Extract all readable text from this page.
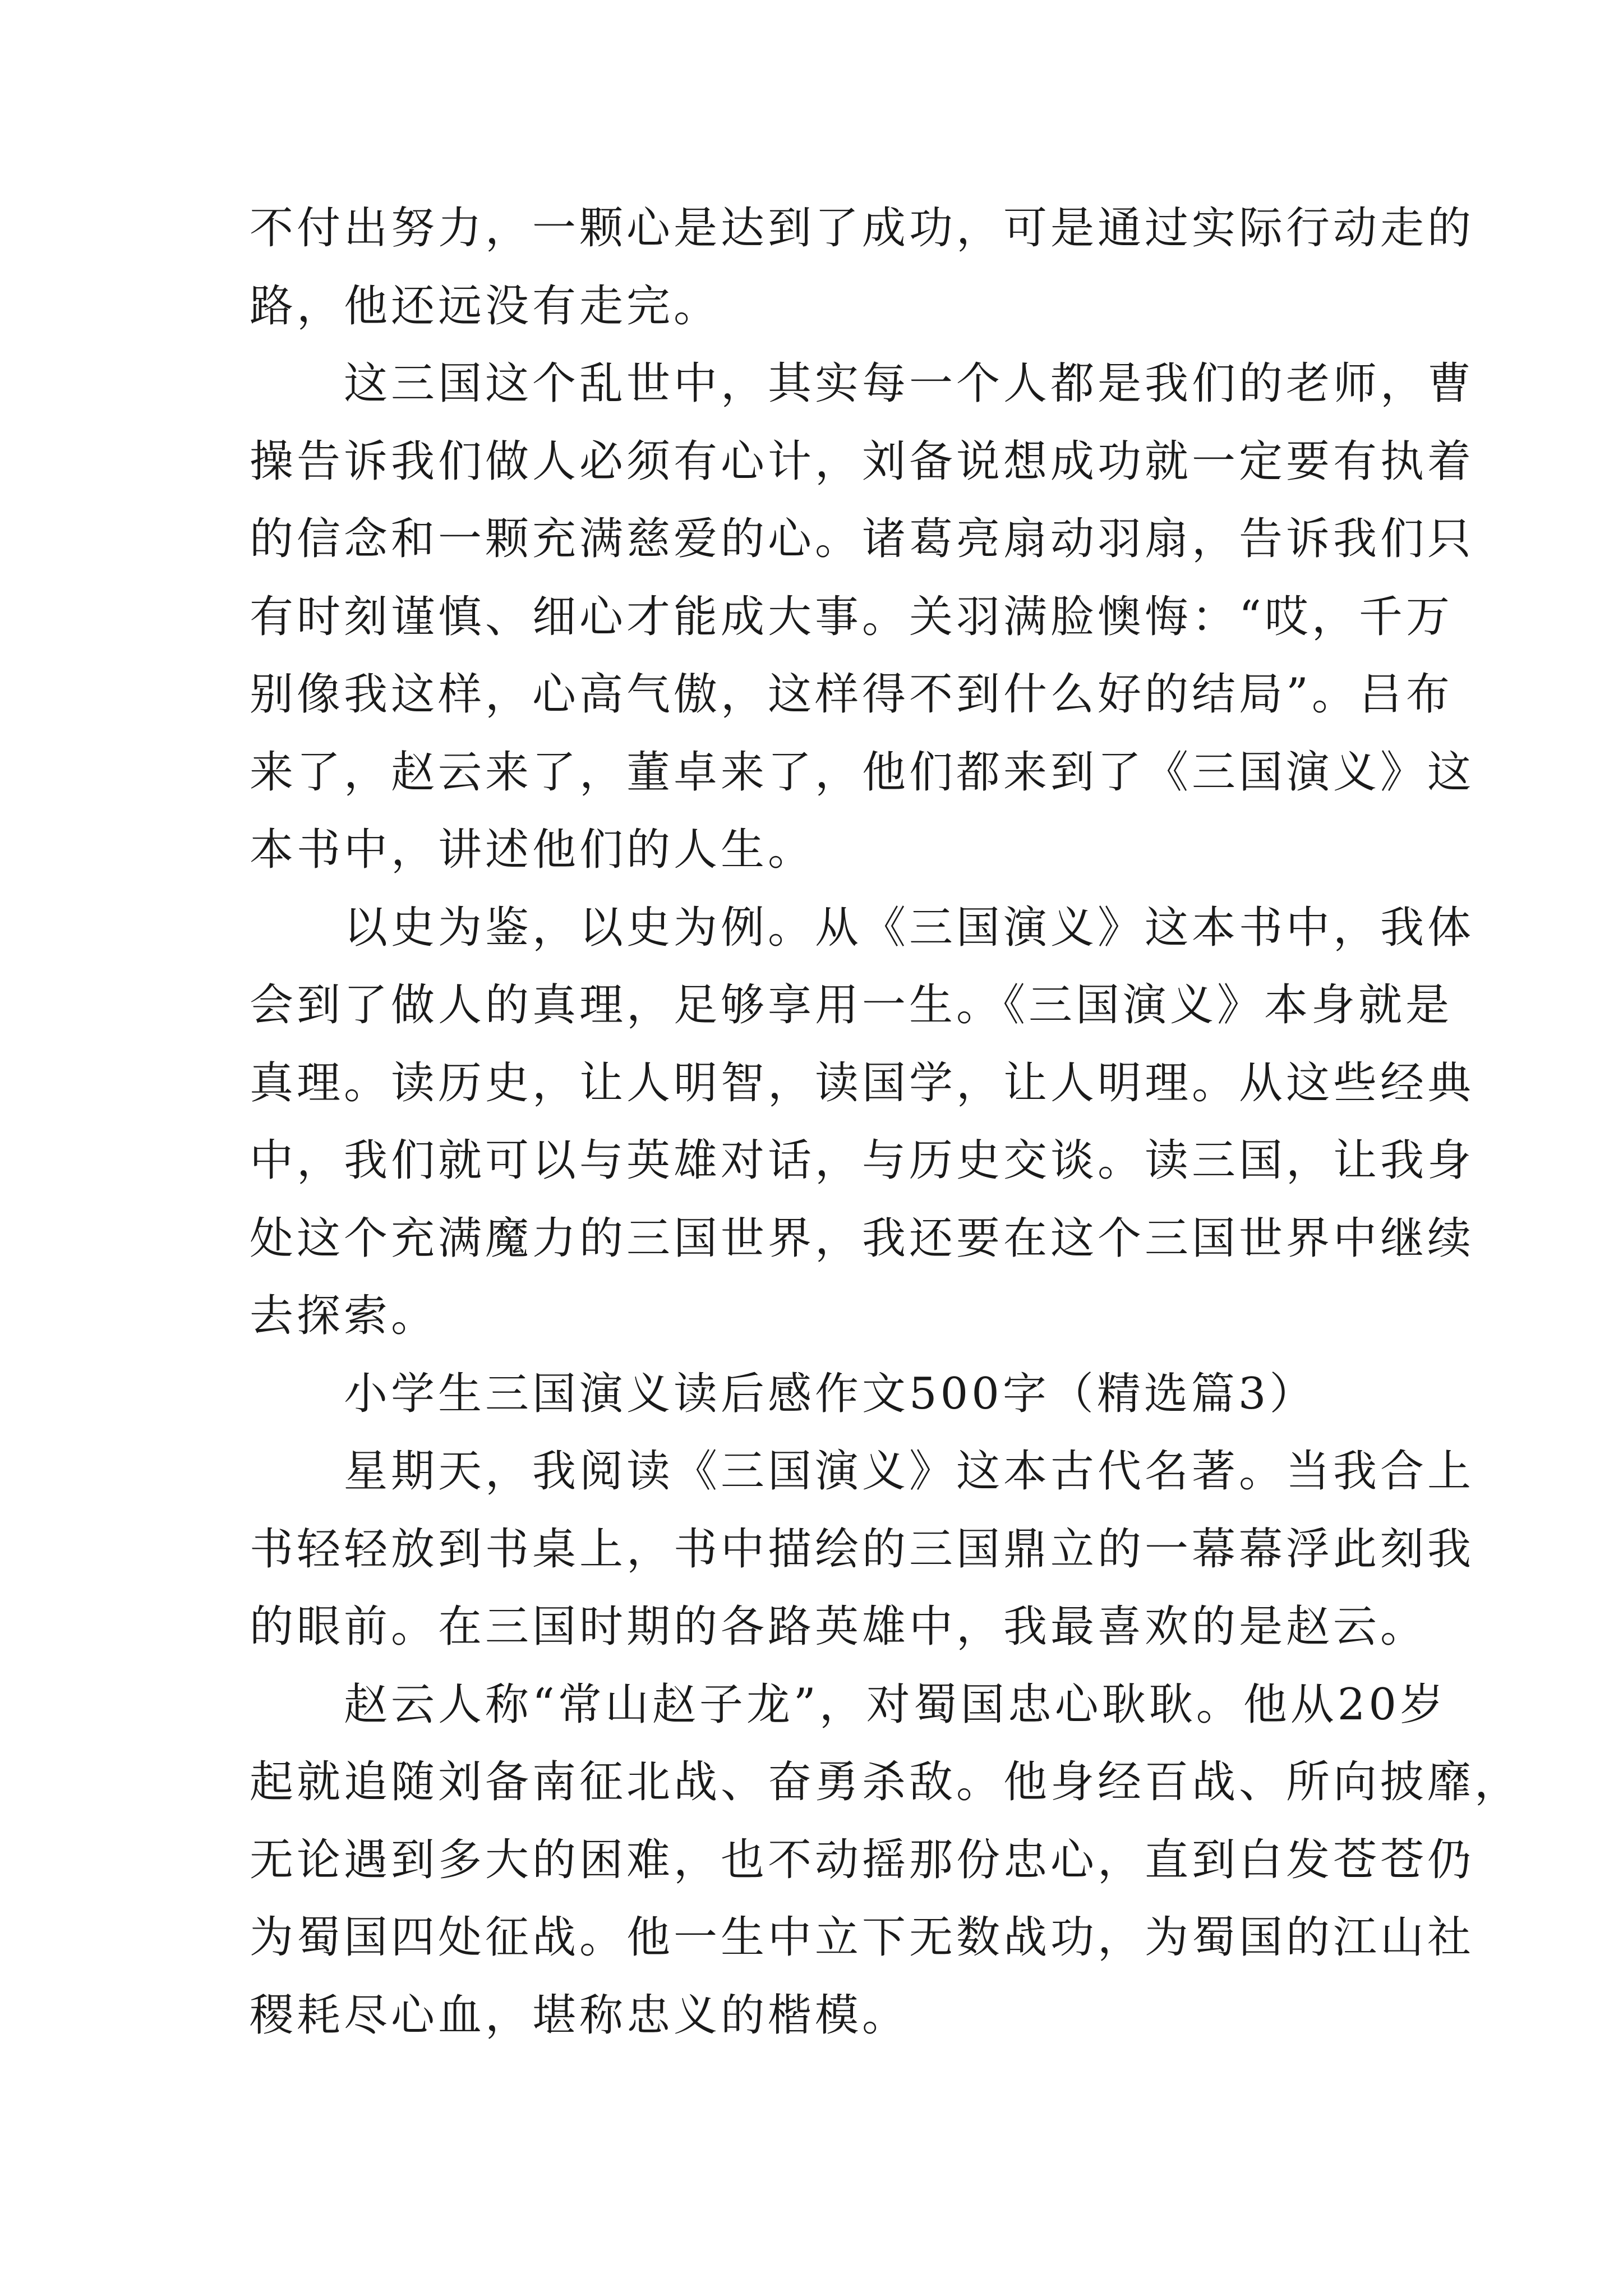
不付出努力，一颗心是达到了成功，可是通过实际行动走的
路，他还远没有走完。
这三国这个乱世中，其实每一个人都是我们的老师，曹
操告诉我们做人必须有心计，刘备说想成功就一定要有执着
的信念和一颗充满慈爱的心。诸葛亮扇动羽扇，告诉我们只
有时刻谨慎、细心才能成大事。关羽满脸懊悔：“哎，千万
别像我这样，心高气傲，这样得不到什么好的结局”。吕布
来了，赵云来了，董卓来了，他们都来到了《三国演义》这
本书中，讲述他们的人生。
以史为鉴，以史为例。从《三国演义》这本书中，我体
会到了做人的真理，足够享用一生。《三国演义》本身就是
真理。读历史，让人明智，读国学，让人明理。从这些经典
中，我们就可以与英雄对话，与历史交谈。读三国，让我身
处这个充满魔力的三国世界，我还要在这个三国世界中继续
去探索。
小学生三国演义读后感作文500字（精选篇3）
星期天，我阅读《三国演义》这本古代名著。当我合上
书轻轻放到书桌上，书中描绘的三国鼎立的一幕幕浮此刻我
的眼前。在三国时期的各路英雄中，我最喜欢的是赵云。
赵云人称“常山赵子龙”，对蜀国忠心耿耿。他从20岁
起就追随刘备南征北战、奋勇杀敌。他身经百战、所向披靡，
无论遇到多大的困难，也不动摇那份忠心，直到白发苍苍仍
为蜀国四处征战。他一生中立下无数战功，为蜀国的江山社
稷耗尽心血，堪称忠义的楷模。
